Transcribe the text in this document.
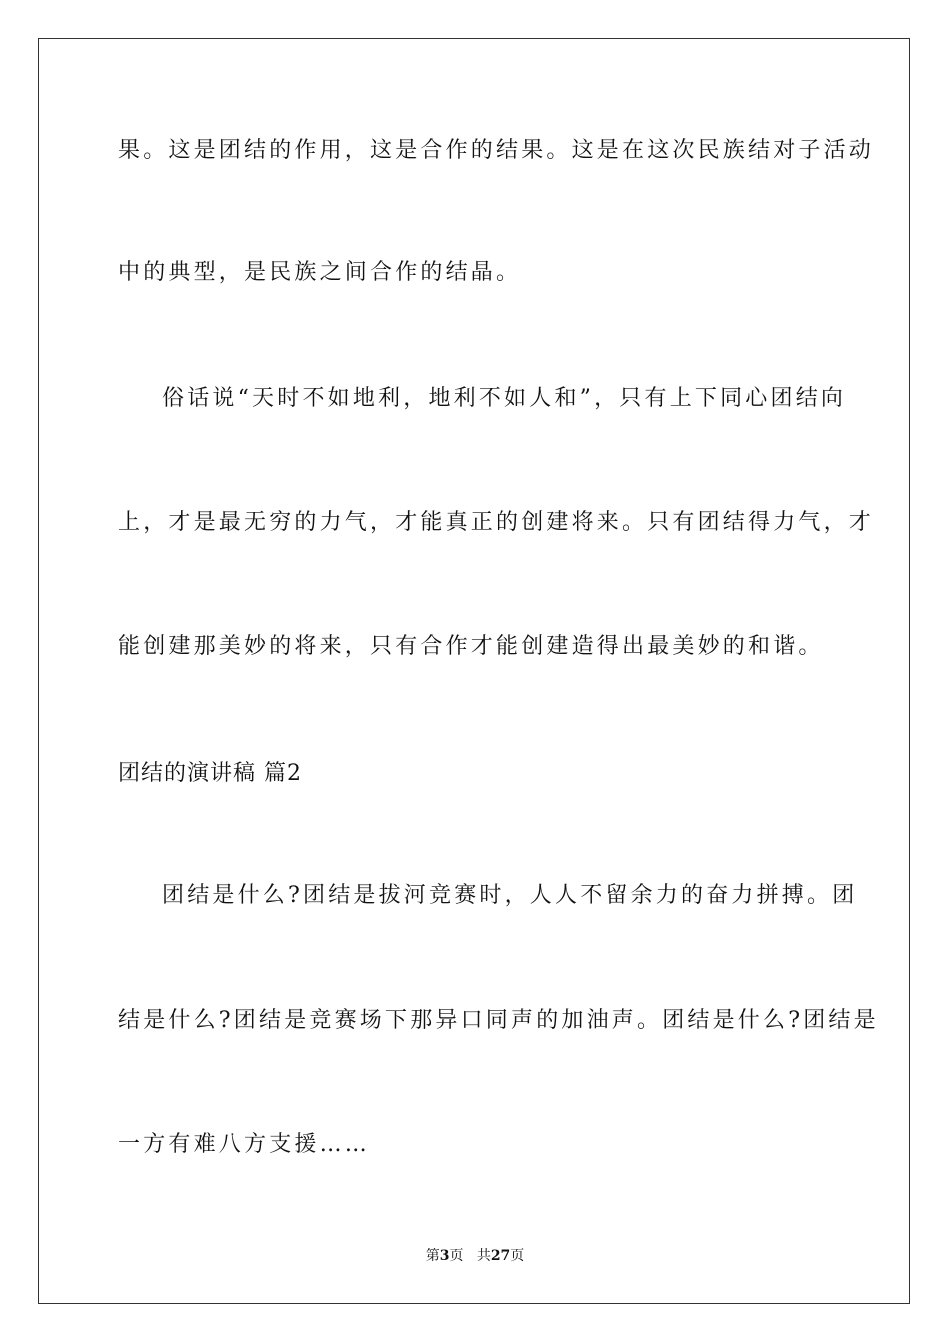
果。这是团结的作用，这是合作的结果。这是在这次民族结对子活动
中的典型，是民族之间合作的结晶。
俗话说“天时不如地利，地利不如人和”，只有上下同心团结向
上，才是最无穷的力气，才能真正的创建将来。只有团结得力气，才
能创建那美妙的将来，只有合作才能创建造得出最美妙的和谐。
团结的演讲稿 篇2
团结是什么?团结是拔河竞赛时，人人不留余力的奋力拼搏。团
结是什么?团结是竞赛场下那异口同声的加油声。团结是什么?团结是
一方有难八方支援……
第3页 共27页
